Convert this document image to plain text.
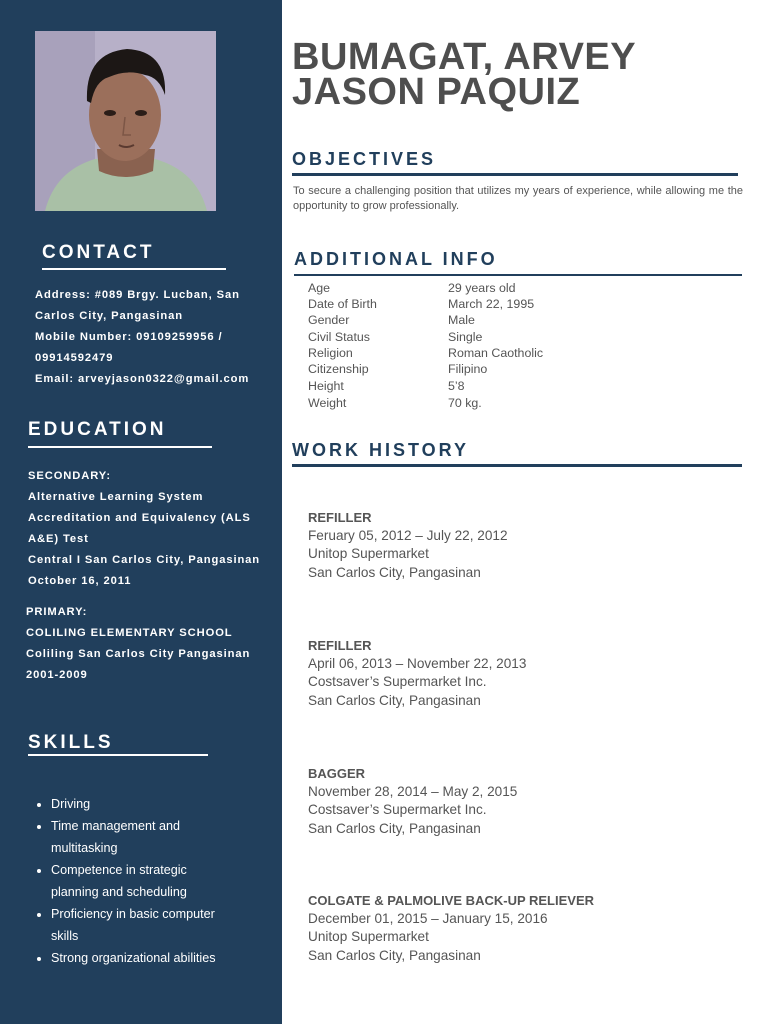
CONTACT
Address: #089 Brgy. Lucban, San
Carlos City, Pangasinan
Mobile Number: 09109259956 /
09914592479
Email: arveyjason0322@gmail.com
EDUCATION
SECONDARY:
Alternative Learning System
Accreditation and Equivalency (ALS
A&E) Test
Central I San Carlos City, Pangasinan
October 16, 2011
PRIMARY:
COLILING ELEMENTARY SCHOOL
Coliling San Carlos City Pangasinan
2001-2009
SKILLS
• Driving
• Time management and multitasking
• Competence in strategic planning and scheduling
• Proficiency in basic computer skills
• Strong organizational abilities
BUMAGAT, ARVEY
JASON PAQUIZ
OBJECTIVES

To secure a challenging position that utilizes my years of experience, while allowing me the opportunity to grow professionally.

ADDITIONAL INFO
Age	29 years old
Date of Birth	March 22, 1995
Gender	Male
Civil Status	Single
Religion	Roman Caotholic
Citizenship	Filipino
Height	5’8
Weight	70 kg.
WORK HISTORY
REFILLER
Feruary 05, 2012 – July 22, 2012
Unitop Supermarket
San Carlos City, Pangasinan
REFILLER
April 06, 2013 – November 22, 2013
Costsaver’s Supermarket Inc.
San Carlos City, Pangasinan
BAGGER
November 28, 2014 – May 2, 2015
Costsaver’s Supermarket Inc.
San Carlos City, Pangasinan
COLGATE & PALMOLIVE BACK-UP RELIEVER
December 01, 2015 – January 15, 2016
Unitop Supermarket
San Carlos City, Pangasinan
